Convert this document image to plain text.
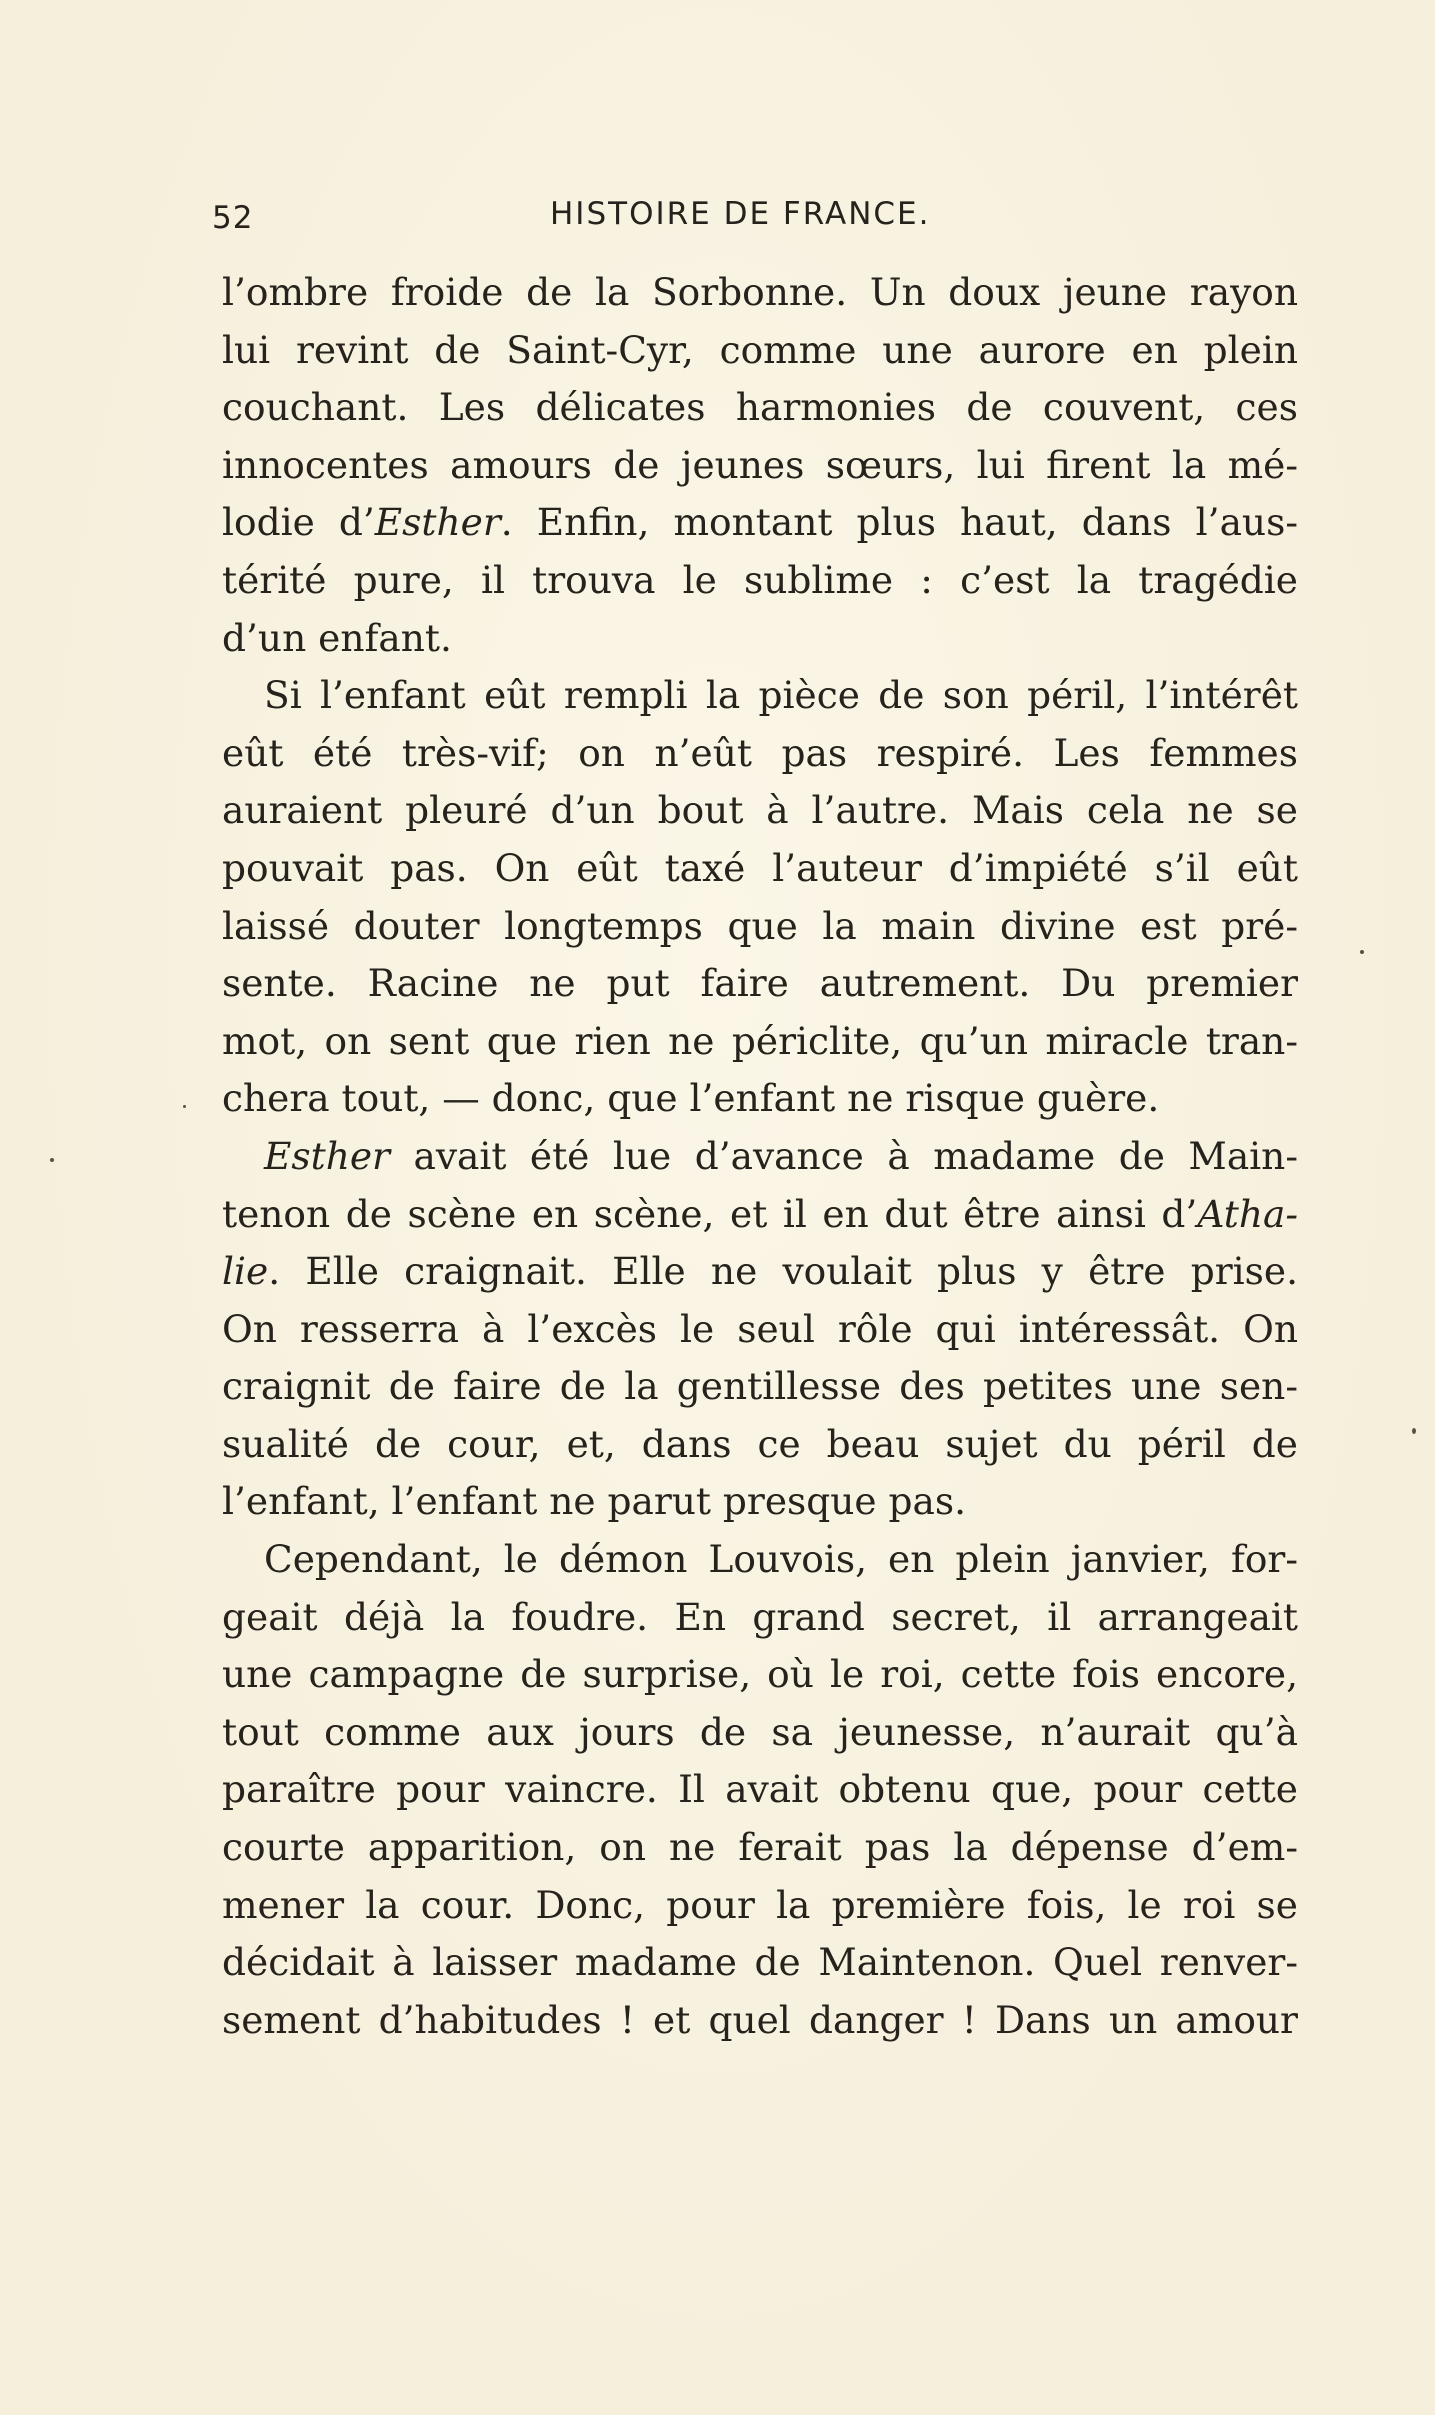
52	HISTOIRE DE FRANCE.
l’ombre froide de la Sorbonne. Un doux jeune rayon
lui revint de Saint-Cyr, comme une aurore en plein
couchant. Les délicates harmonies de couvent, ces
innocentes amours de jeunes sœurs, lui firent la mé-
lodie d’Esther. Enfin, montant plus haut, dans l’aus-
térité pure, il trouva le sublime : c’est la tragédie
d’un enfant.
Si l’enfant eût rempli la pièce de son péril, l’intérêt
eût été très-vif; on n’eût pas respiré. Les femmes
auraient pleuré d’un bout à l’autre. Mais cela ne se
pouvait pas. On eût taxé l’auteur d’impiété s’il eût
laissé douter longtemps que la main divine est pré-
sente. Racine ne put faire autrement. Du premier
mot, on sent que rien ne périclite, qu’un miracle tran-
chera tout, — donc, que l’enfant ne risque guère.
Esther avait été lue d’avance à madame de Main-
tenon de scène en scène, et il en dut être ainsi d’Atha-
lie. Elle craignait. Elle ne voulait plus y être prise.
On resserra à l’excès le seul rôle qui intéressât. On
craignit de faire de la gentillesse des petites une sen-
sualité de cour, et, dans ce beau sujet du péril de
l’enfant, l’enfant ne parut presque pas.
Cependant, le démon Louvois, en plein janvier, for-
geait déjà la foudre. En grand secret, il arrangeait
une campagne de surprise, où le roi, cette fois encore,
tout comme aux jours de sa jeunesse, n’aurait qu’à
paraître pour vaincre. Il avait obtenu que, pour cette
courte apparition, on ne ferait pas la dépense d’em-
mener la cour. Donc, pour la première fois, le roi se
décidait à laisser madame de Maintenon. Quel renver-
sement d’habitudes ! et quel danger ! Dans un amour
